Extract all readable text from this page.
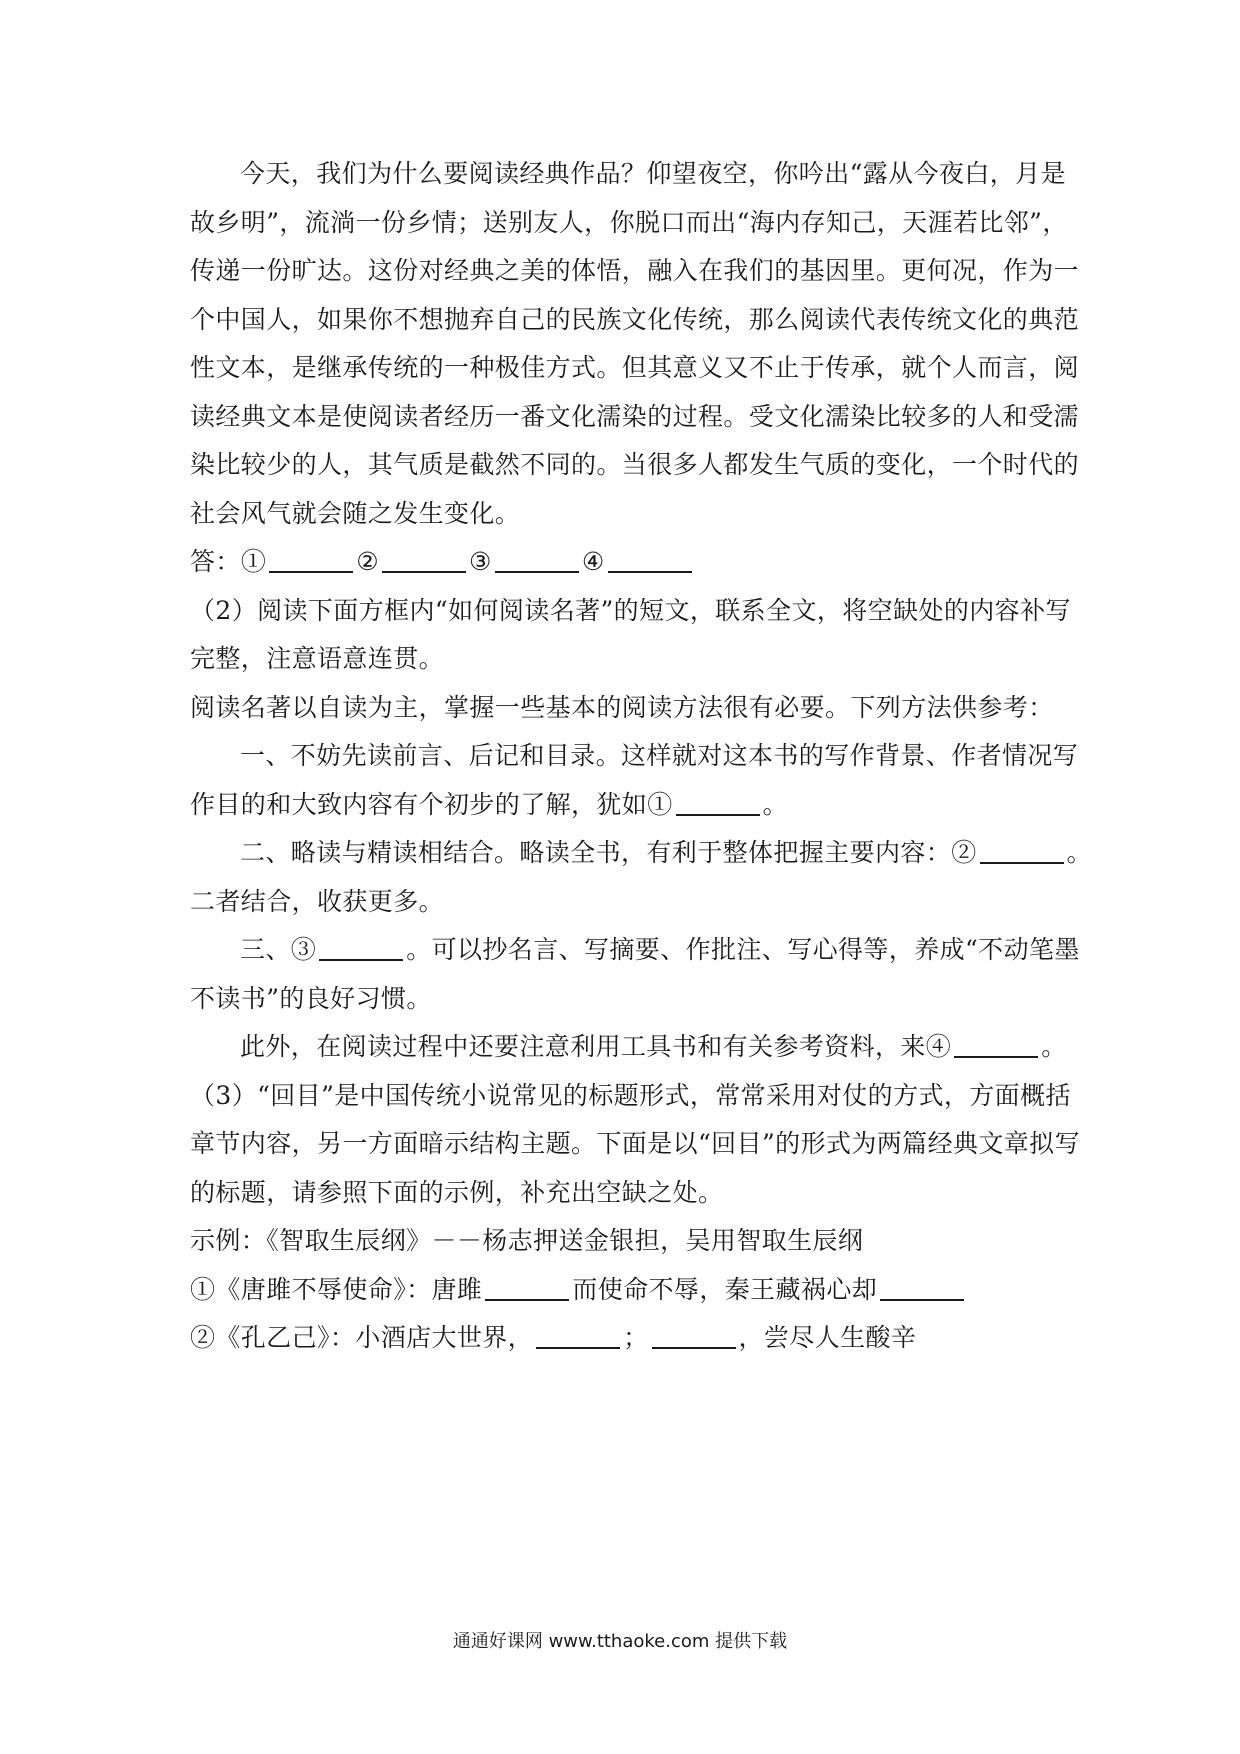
今天，我们为什么要阅读经典作品？仰望夜空，你吟出“露从今夜白，月是
故乡明”，流淌一份乡情；送别友人，你脱口而出“海内存知己，天涯若比邻”，
传递一份旷达。这份对经典之美的体悟，融入在我们的基因里。更何况，作为一
个中国人，如果你不想抛弃自己的民族文化传统，那么阅读代表传统文化的典范
性文本，是继承传统的一种极佳方式。但其意义又不止于传承，就个人而言，阅
读经典文本是使阅读者经历一番文化濡染的过程。受文化濡染比较多的人和受濡
染比较少的人，其气质是截然不同的。当很多人都发生气质的变化，一个时代的
社会风气就会随之发生变化。
答：①	②	③	④
（2）阅读下面方框内“如何阅读名著”的短文，联系全文，将空缺处的内容补写
完整，注意语意连贯。
阅读名著以自读为主，掌握一些基本的阅读方法很有必要。下列方法供参考：
一、不妨先读前言、后记和目录。这样就对这本书的写作背景、作者情况写
作目的和大致内容有个初步的了解，犹如①	。
二、略读与精读相结合。略读全书，有利于整体把握主要内容：②	。
二者结合，收获更多。
三、③	。可以抄名言、写摘要、作批注、写心得等，养成“不动笔墨
不读书”的良好习惯。
此外，在阅读过程中还要注意利用工具书和有关参考资料，来④	。
（3）“回目”是中国传统小说常见的标题形式，常常采用对仗的方式，方面概括
章节内容，另一方面暗示结构主题。下面是以“回目”的形式为两篇经典文章拟写
的标题，请参照下面的示例，补充出空缺之处。
示例：《智取生辰纲》－－杨志押送金银担，吴用智取生辰纲
①《唐雎不辱使命》：唐雎	而使命不辱，秦王藏祸心却
②《孔乙己》：小酒店大世界，	；	，尝尽人生酸辛
通通好课网 www.tthaoke.com 提供下载
